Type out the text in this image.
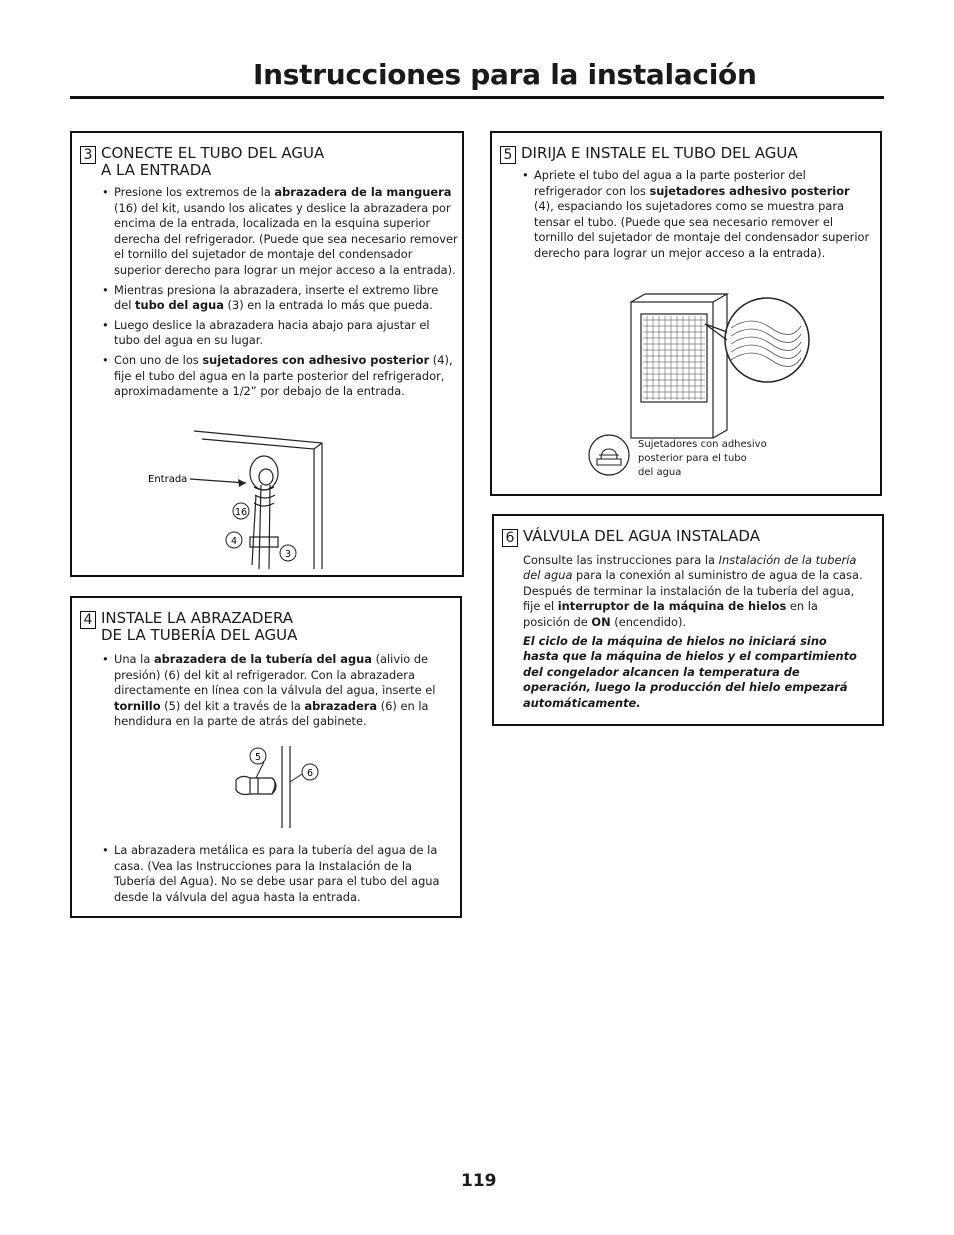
Instrucciones para la instalación
3 CONECTE EL TUBO DEL AGUA
A LA ENTRADA
• Presione los extremos de la abrazadera de la manguera (16) del kit, usando los alicates y deslice la abrazadera por encima de la entrada, localizada en la esquina superior derecha del refrigerador. (Puede que sea necesario remover el tornillo del sujetador de montaje del condensador superior derecho para lograr un mejor acceso a la entrada).
• Mientras presiona la abrazadera, inserte el extremo libre del tubo del agua (3) en la entrada lo más que pueda.
• Luego deslice la abrazadera hacia abajo para ajustar el tubo del agua en su lugar.
• Con uno de los sujetadores con adhesivo posterior (4), fije el tubo del agua en la parte posterior del refrigerador, aproximadamente a 1/2” por debajo de la entrada.
Entrada
16
4
3
4 INSTALE LA ABRAZADERA
DE LA TUBERÍA DEL AGUA
• Una la abrazadera de la tubería del agua (alivio de presión) (6) del kit al refrigerador. Con la abrazadera directamente en línea con la válvula del agua, inserte el tornillo (5) del kit a través de la abrazadera (6) en la hendidura en la parte de atrás del gabinete.
5
6
• La abrazadera metálica es para la tubería del agua de la casa. (Vea las Instrucciones para la Instalación de la Tubería del Agua). No se debe usar para el tubo del agua desde la válvula del agua hasta la entrada.
5 DIRIJA E INSTALE EL TUBO DEL AGUA
• Apriete el tubo del agua a la parte posterior del refrigerador con los sujetadores adhesivo posterior (4), espaciando los sujetadores como se muestra para tensar el tubo. (Puede que sea necesario remover el tornillo del sujetador de montaje del condensador superior derecho para lograr un mejor acceso a la entrada).
Sujetadores con adhesivo
posterior para el tubo
del agua
6 VÁLVULA DEL AGUA INSTALADA

Consulte las instrucciones para la Instalación de la tubería del agua para la conexión al suministro de agua de la casa. Después de terminar la instalación de la tubería del agua, fije el interruptor de la máquina de hielos en la posición de ON (encendido).

El ciclo de la máquina de hielos no iniciará sino hasta que la máquina de hielos y el compartimiento del congelador alcancen la temperatura de operación, luego la producción del hielo empezará automáticamente.

119
